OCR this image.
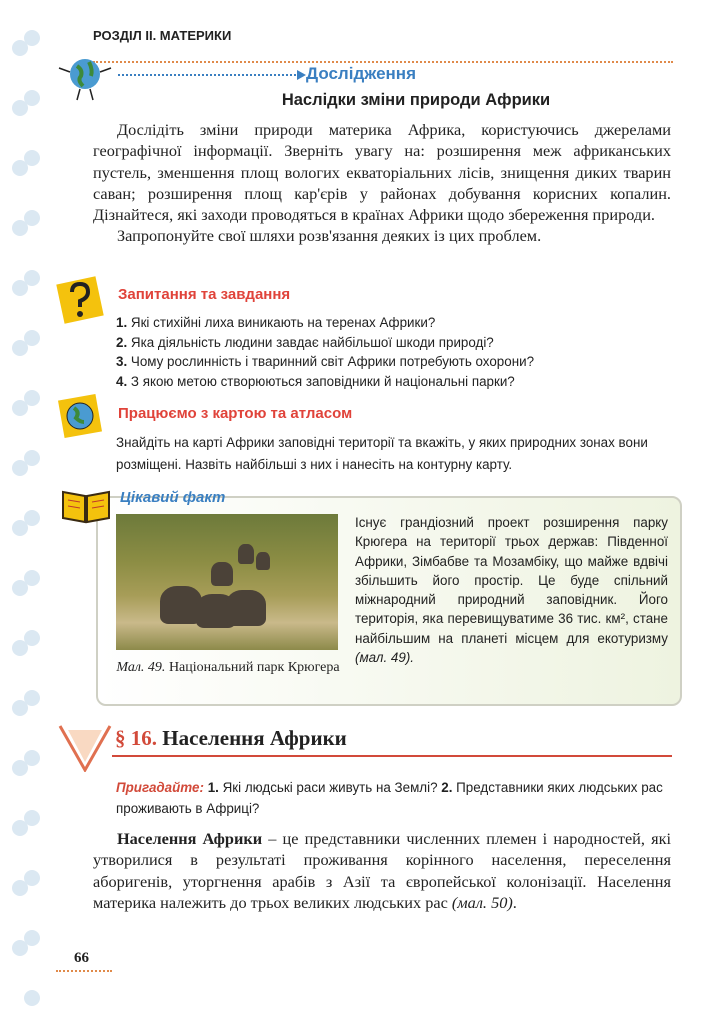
РОЗДІЛ ІІ. МАТЕРИКИ
Дослідження
Наслідки зміни природи Африки

Дослідіть зміни природи материка Африка, користуючись джерелами географічної інформації. Зверніть увагу на: розширення меж африканських пустель, зменшення площ вологих екваторіальних лісів, знищення диких тварин саван; розширення площ кар'єрів у районах добування корисних копалин. Дізнайтеся, які заходи проводяться в країнах Африки щодо збереження природи.

Запропонуйте свої шляхи розв'язання деяких із цих проблем.

Запитання та завдання
1. Які стихійні лиха виникають на теренах Африки?
2. Яка діяльність людини завдає найбільшої шкоди природі?
3. Чому рослинність і тваринний світ Африки потребують охорони?
4. З якою метою створюються заповідники й національні парки?
Працюємо з картою та атласом
Знайдіть на карті Африки заповідні території та вкажіть, у яких природних зонах вони розміщені. Назвіть найбільші з них і нанесіть на контурну карту.
Цікавий факт
Мал. 49. Національний парк Крюгера
Існує грандіозний проект розширення парку Крюгера на території трьох держав: Південної Африки, Зімбабве та Мозамбіку, що майже вдвічі збільшить його простір. Це буде спільний міжнародний природний заповідник. Його територія, яка перевищуватиме 36 тис. км², стане найбільшим на планеті місцем для екотуризму (мал. 49).
§ 16. Населення Африки
Пригадайте: 1. Які людські раси живуть на Землі? 2. Представники яких людських рас проживають в Африці?

Населення Африки – це представники численних племен і народностей, які утворилися в результаті проживання корінного населення, переселення аборигенів, уторгнення арабів з Азії та європейської колонізації. Населення материка належить до трьох великих людських рас (мал. 50).

66
